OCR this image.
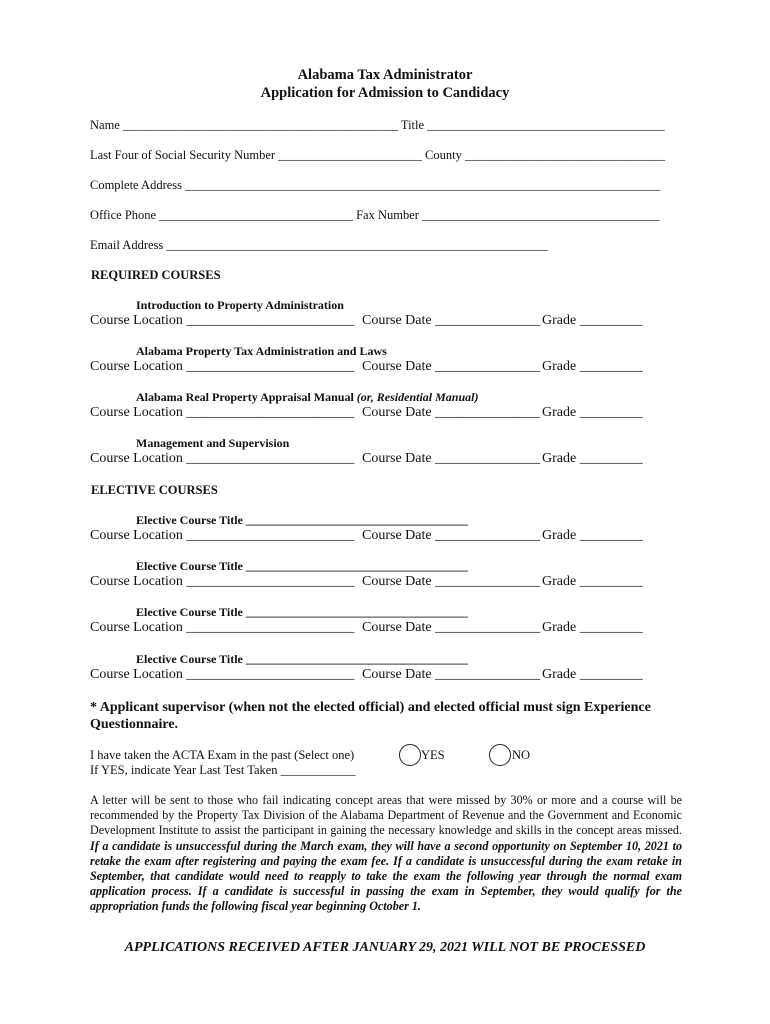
Alabama Tax Administrator
Application for Admission to Candidacy
Name ____________________________________________ Title ______________________________________
Last Four of Social Security Number _______________________ County ________________________________
Complete Address ____________________________________________________________________________
Office Phone _______________________________ Fax Number ______________________________________
Email Address _____________________________________________________________
REQUIRED COURSES
Introduction to Property Administration
Course Location ________________________ Course Date _______________ Grade _________
Alabama Property Tax Administration and Laws
Course Location ________________________ Course Date _______________ Grade _________
Alabama Real Property Appraisal Manual (or, Residential Manual)
Course Location ________________________ Course Date _______________ Grade _________
Management and Supervision
Course Location ________________________ Course Date _______________ Grade _________
ELECTIVE COURSES
Elective Course Title _____________________________________
Course Location ________________________ Course Date _______________ Grade _________
Elective Course Title _____________________________________
Course Location ________________________ Course Date _______________ Grade _________
Elective Course Title _____________________________________
Course Location ________________________ Course Date _______________ Grade _________
Elective Course Title _____________________________________
Course Location ________________________ Course Date _______________ Grade _________
* Applicant supervisor (when not the elected official) and elected official must sign Experience Questionnaire.
I have taken the ACTA Exam in the past (Select one)
If YES, indicate Year Last Test Taken ____________
YES	NO
A letter will be sent to those who fail indicating concept areas that were missed by 30% or more and a course will be recommended by the Property Tax Division of the Alabama Department of Revenue and the Government and Economic Development Institute to assist the participant in gaining the necessary knowledge and skills in the concept areas missed. If a candidate is unsuccessful during the March exam, they will have a second opportunity on September 10, 2021 to retake the exam after registering and paying the exam fee. If a candidate is unsuccessful during the exam retake in September, that candidate would need to reapply to take the exam the following year through the normal exam application process. If a candidate is successful in passing the exam in September, they would qualify for the appropriation funds the following fiscal year beginning October 1.
APPLICATIONS RECEIVED AFTER JANUARY 29, 2021 WILL NOT BE PROCESSED
